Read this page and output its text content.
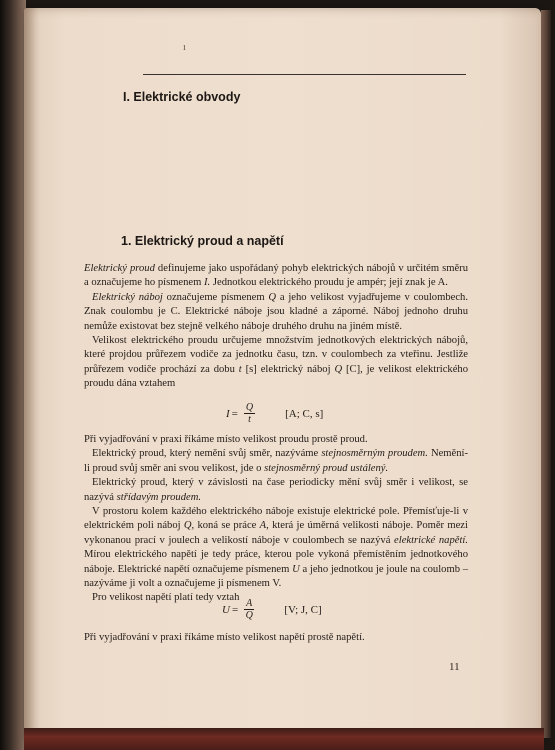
ı
I. Elektrické obvody
1. Elektrický proud a napětí

Elektrický proud definujeme jako uspořádaný pohyb elektrických nábojů v určitém směru a označujeme ho písmenem I. Jednotkou elektrického proudu je ampér; její znak je A.

Elektrický náboj označujeme písmenem Q a jeho velikost vyjadřujeme v coulombech. Znak coulombu je C. Elektrické náboje jsou kladné a záporné. Náboj jednoho druhu nemůže existovat bez stejně velkého náboje druhého druhu na jiném místě.

Velikost elektrického proudu určujeme množstvím jednotkových elektrických nábojů, které projdou průřezem vodiče za jednotku času, tzn. v coulombech za vteřinu. Jestliže průřezem vodiče prochází za dobu t [s] elektrický náboj Q [C], je velikost elektrického proudu dána vztahem

$I = \frac{Q}{t}$	[A; C, s]

Při vyjadřování v praxi říkáme místo velikost proudu prostě proud.

Elektrický proud, který nemění svůj směr, nazýváme stejnosměrným proudem. Nemění-li proud svůj směr ani svou velikost, jde o stejnosměrný proud ustálený.

Elektrický proud, který v závislosti na čase periodicky mění svůj směr i velikost, se nazývá střídavým proudem.

V prostoru kolem každého elektrického náboje existuje elektrické pole. Přemísťuje-li v elektrickém poli náboj Q, koná se práce A, která je úměrná velikosti náboje. Poměr mezi vykonanou prací v joulech a velikostí náboje v coulombech se nazývá elektrické napětí. Mírou elektrického napětí je tedy práce, kterou pole vykoná přemístěním jednotkového náboje. Elektrické napětí označujeme písmenem U a jeho jednotkou je joule na coulomb – nazýváme ji volt a označujeme ji písmenem V.

Pro velikost napětí platí tedy vztah

$U = \frac{A}{Q}$	[V; J, C]

Při vyjadřování v praxi říkáme místo velikost napětí prostě napětí.

11
